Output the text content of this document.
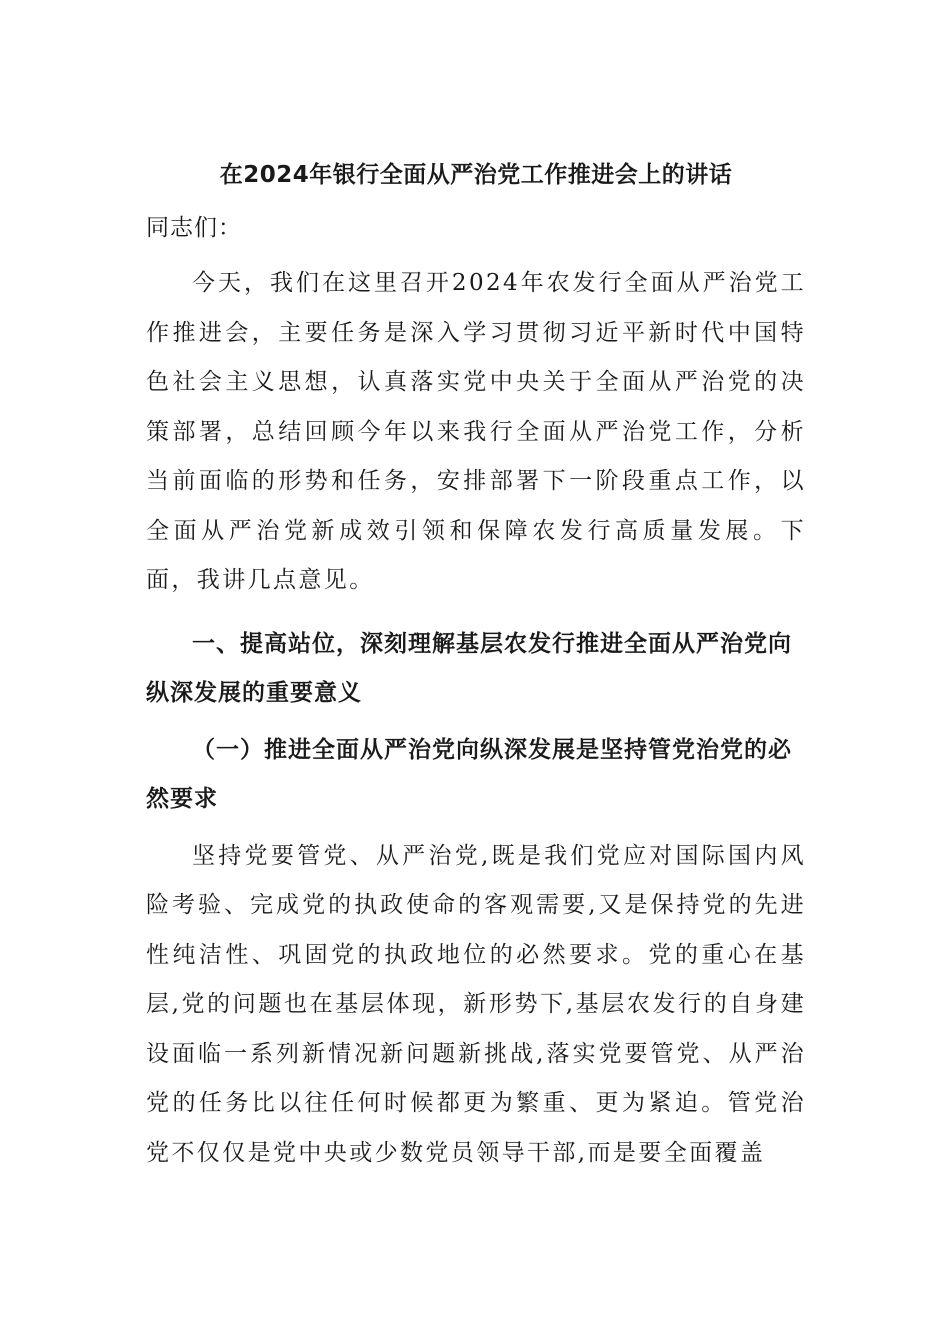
在2024年银行全面从严治党工作推进会上的讲话

同志们：

今天，我们在这里召开2024年农发行全面从严治党工作推进会，主要任务是深入学习贯彻习近平新时代中国特色社会主义思想，认真落实党中央关于全面从严治党的决策部署，总结回顾今年以来我行全面从严治党工作，分析当前面临的形势和任务，安排部署下一阶段重点工作，以全面从严治党新成效引领和保障农发行高质量发展。下面，我讲几点意见。

一、提高站位，深刻理解基层农发行推进全面从严治党向纵深发展的重要意义

（一）推进全面从严治党向纵深发展是坚持管党治党的必然要求

坚持党要管党、从严治党,既是我们党应对国际国内风险考验、完成党的执政使命的客观需要,又是保持党的先进性纯洁性、巩固党的执政地位的必然要求。党的重心在基层,党的问题也在基层体现，新形势下,基层农发行的自身建设面临一系列新情况新问题新挑战,落实党要管党、从严治党的任务比以往任何时候都更为繁重、更为紧迫。管党治党不仅仅是党中央或少数党员领导干部,而是要全面覆盖
